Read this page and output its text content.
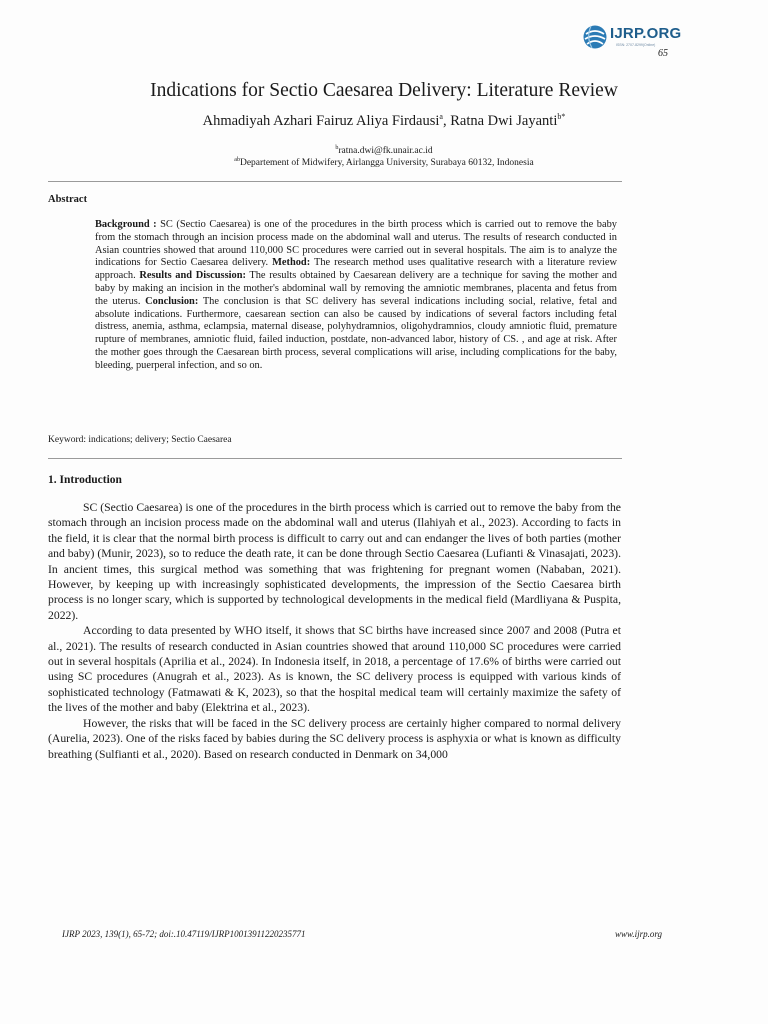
IJRP.ORG
ISSN: 2707-8299(Online)
65
Indications for Sectio Caesarea Delivery: Literature Review
Ahmadiyah Azhari Fairuz Aliya Firdausi$^a$, Ratna Dwi Jayanti$^{b*}$
$^b$ratna.dwi@fk.unair.ac.id
$^{ab}$Departement of Midwifery, Airlangga University, Surabaya 60132, Indonesia
Abstract

Background : SC (Sectio Caesarea) is one of the procedures in the birth process which is carried out to remove the baby from the stomach through an incision process made on the abdominal wall and uterus. The results of research conducted in Asian countries showed that around 110,000 SC procedures were carried out in several hospitals. The aim is to analyze the indications for Sectio Caesarea delivery. Method: The research method uses qualitative research with a literature review approach. Results and Discussion: The results obtained by Caesarean delivery are a technique for saving the mother and baby by making an incision in the mother's abdominal wall by removing the amniotic membranes, placenta and fetus from the uterus. Conclusion: The conclusion is that SC delivery has several indications including social, relative, fetal and absolute indications. Furthermore, caesarean section can also be caused by indications of several factors including fetal distress, anemia, asthma, eclampsia, maternal disease, polyhydramnios, oligohydramnios, cloudy amniotic fluid, premature rupture of membranes, amniotic fluid, failed induction, postdate, non-advanced labor, history of CS. , and age at risk. After the mother goes through the Caesarean birth process, several complications will arise, including complications for the baby, bleeding, puerperal infection, and so on.

Keyword: indications; delivery; Sectio Caesarea
1. Introduction

SC (Sectio Caesarea) is one of the procedures in the birth process which is carried out to remove the baby from the stomach through an incision process made on the abdominal wall and uterus (Ilahiyah et al., 2023). According to facts in the field, it is clear that the normal birth process is difficult to carry out and can endanger the lives of both parties (mother and baby) (Munir, 2023), so to reduce the death rate, it can be done through Sectio Caesarea (Lufianti & Vinasajati, 2023). In ancient times, this surgical method was something that was frightening for pregnant women (Nababan, 2021). However, by keeping up with increasingly sophisticated developments, the impression of the Sectio Caesarea birth process is no longer scary, which is supported by technological developments in the medical field (Mardliyana & Puspita, 2022).

According to data presented by WHO itself, it shows that SC births have increased since 2007 and 2008 (Putra et al., 2021). The results of research conducted in Asian countries showed that around 110,000 SC procedures were carried out in several hospitals (Aprilia et al., 2024). In Indonesia itself, in 2018, a percentage of 17.6% of births were carried out using SC procedures (Anugrah et al., 2023). As is known, the SC delivery process is equipped with various kinds of sophisticated technology (Fatmawati & K, 2023), so that the hospital medical team will certainly maximize the safety of the lives of the mother and baby (Elektrina et al., 2023).

However, the risks that will be faced in the SC delivery process are certainly higher compared to normal delivery (Aurelia, 2023). One of the risks faced by babies during the SC delivery process is asphyxia or what is known as difficulty breathing (Sulfianti et al., 2020). Based on research conducted in Denmark on 34,000

IJRP 2023, 139(1), 65-72; doi:.10.47119/IJRP1001391122023577‌1	www.ijrp.org
